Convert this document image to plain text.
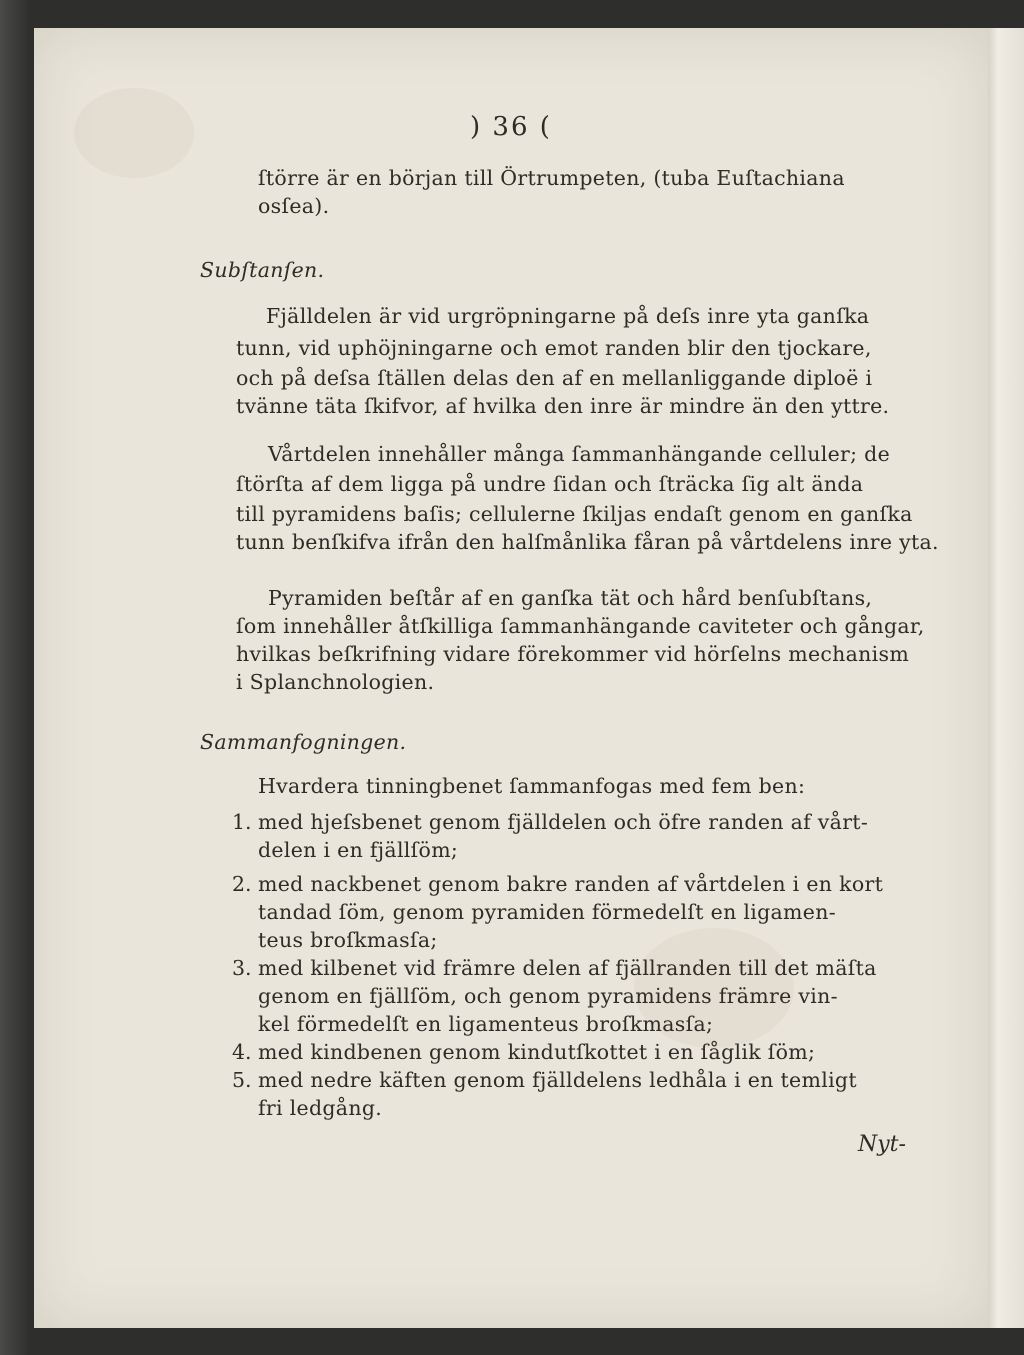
) 36 (
ſtörre är en början till Örtrumpeten, (tuba Euſtachiana
osſea).
Subſtanſen.
Fjälldelen är vid urgröpningarne på deſs inre yta ganſka
tunn, vid uphöjningarne och emot randen blir den tjockare,
och på deſsa ſtällen delas den af en mellanliggande diploë i
tvänne täta ſkifvor, af hvilka den inre är mindre än den yttre.
Vårtdelen innehåller många ſammanhängande celluler; de
ſtörſta af dem ligga på undre ſidan och ſträcka ſig alt ända
till pyramidens baſis; cellulerne ſkiljas endaſt genom en ganſka
tunn benſkifva ifrån den halſmånlika fåran på vårtdelens inre yta.
Pyramiden beſtår af en ganſka tät och hård benſubſtans,
ſom innehåller åtſkilliga ſammanhängande caviteter och gångar,
hvilkas beſkrifning vidare förekommer vid hörſelns mechanism
i Splanchnologien.
Sammanfogningen.
Hvardera tinningbenet ſammanfogas med fem ben:
1. med hjeſsbenet genom fjälldelen och öfre randen af vårt-
delen i en fjällſöm;
2. med nackbenet genom bakre randen af vårtdelen i en kort
tandad ſöm, genom pyramiden förmedelſt en ligamen-
teus broſkmasſa;
3. med kilbenet vid främre delen af fjällranden till det mäſta
genom en fjällſöm, och genom pyramidens främre vin-
kel förmedelſt en ligamenteus broſkmasſa;
4. med kindbenen genom kindutſkottet i en ſåglik ſöm;
5. med nedre käften genom fjälldelens ledhåla i en temligt
fri ledgång.
Nyt-
